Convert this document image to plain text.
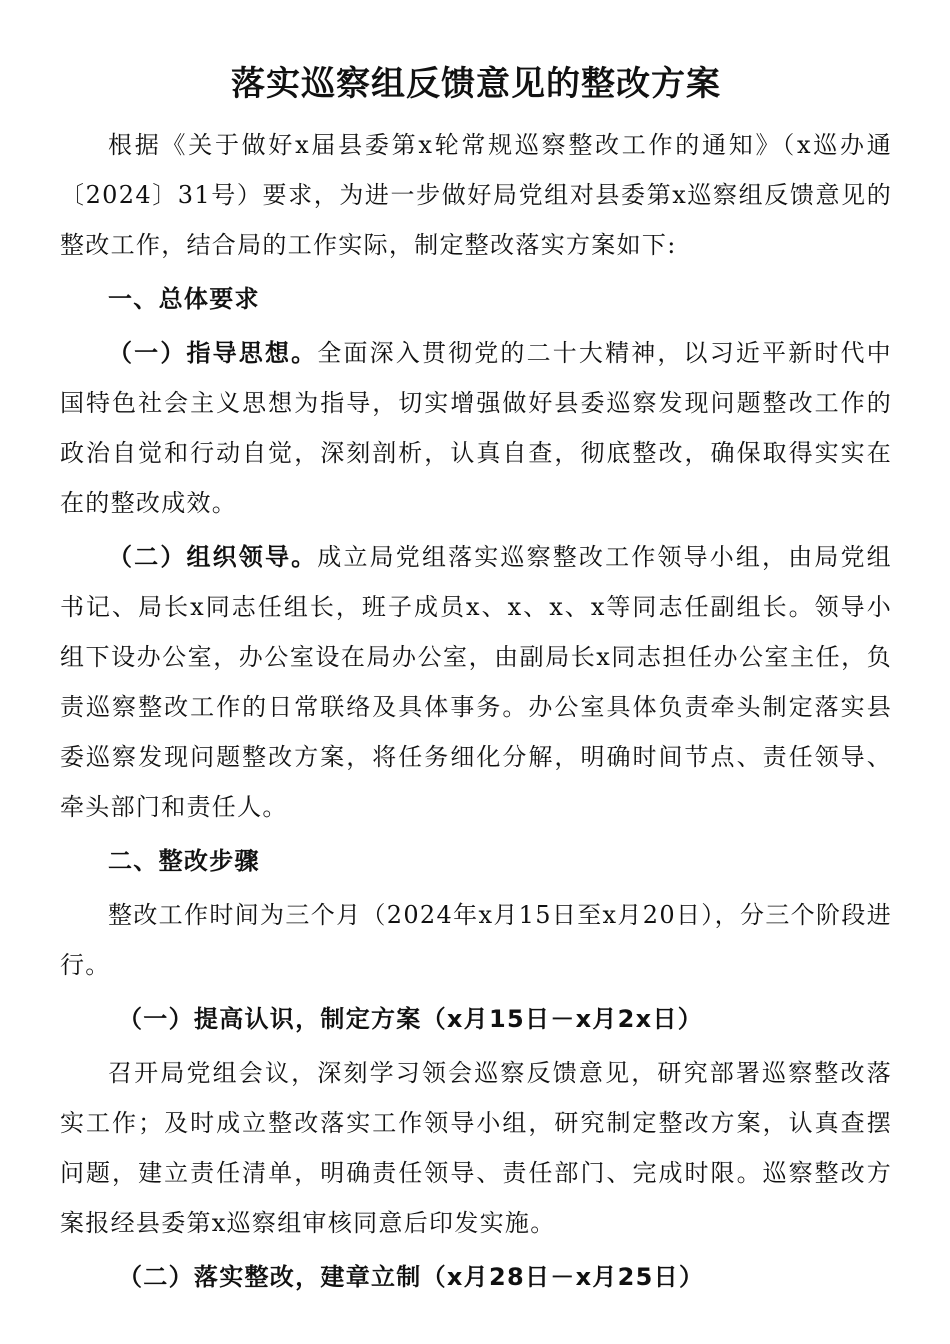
落实巡察组反馈意见的整改方案

根据《关于做好x届县委第x轮常规巡察整改工作的通知》（x巡办通〔2024〕31号）要求，为进一步做好局党组对县委第x巡察组反馈意见的整改工作，结合局的工作实际，制定整改落实方案如下:

一、总体要求

（一）指导思想。全面深入贯彻党的二十大精神，以习近平新时代中国特色社会主义思想为指导，切实增强做好县委巡察发现问题整改工作的政治自觉和行动自觉，深刻剖析，认真自查，彻底整改，确保取得实实在在的整改成效。

（二）组织领导。成立局党组落实巡察整改工作领导小组，由局党组书记、局长x同志任组长，班子成员x、x、x、x等同志任副组长。领导小组下设办公室，办公室设在局办公室，由副局长x同志担任办公室主任，负责巡察整改工作的日常联络及具体事务。办公室具体负责牵头制定落实县委巡察发现问题整改方案，将任务细化分解，明确时间节点、责任领导、牵头部门和责任人。

二、整改步骤

整改工作时间为三个月（2024年x月15日至x月20日），分三个阶段进行。

（一）提高认识，制定方案（x月15日－x月2x日）

召开局党组会议，深刻学习领会巡察反馈意见，研究部署巡察整改落实工作；及时成立整改落实工作领导小组，研究制定整改方案，认真查摆问题，建立责任清单，明确责任领导、责任部门、完成时限。巡察整改方案报经县委第x巡察组审核同意后印发实施。

（二）落实整改，建章立制（x月28日－x月25日）
